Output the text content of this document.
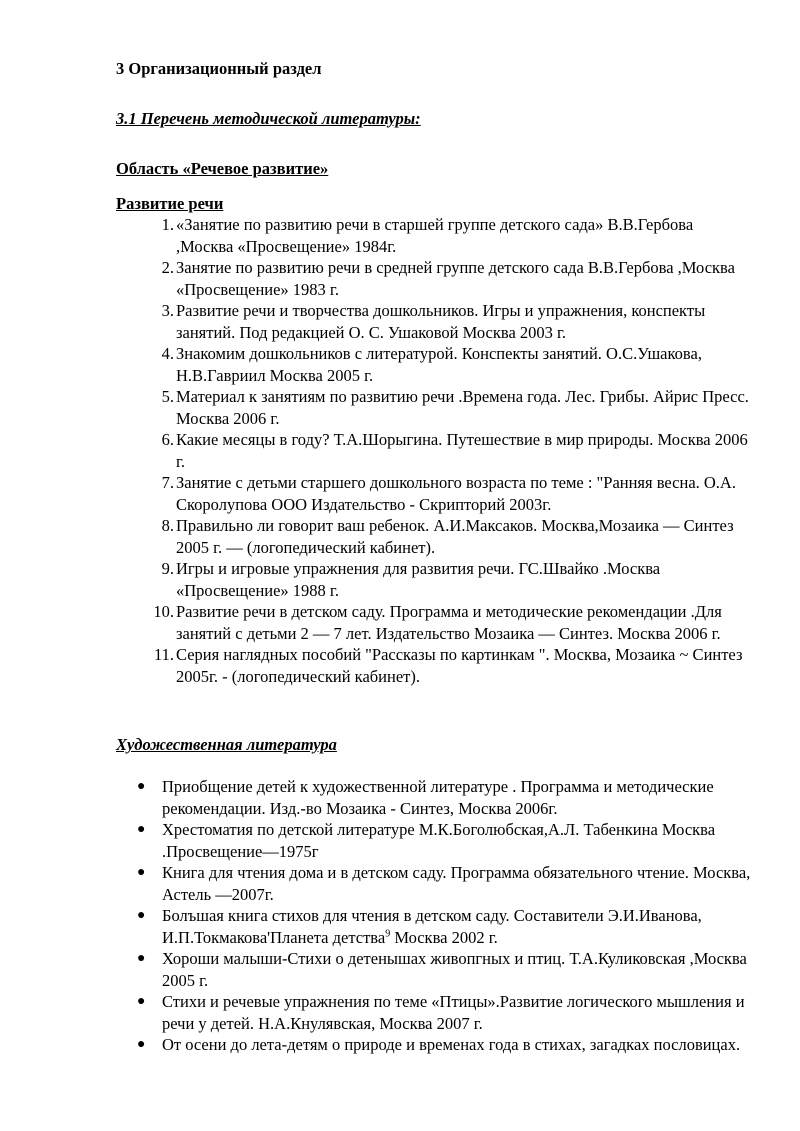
3 Организационный раздел
3.1 Перечень методической литературы:
Область «Речевое развитие»
Развитие речи
1. «Занятие по развитию речи в старшей группе детского сада» В.В.Гербова
,Москва «Просвещение» 1984г.
2. Занятие по развитию речи в средней группе детского сада В.В.Гербова ,Москва
«Просвещение» 1983 г.
3. Развитие речи и творчества дошкольников. Игры и упражнения, конспекты
занятий. Под редакцией О. С. Ушаковой Москва 2003 г.
4. Знакомим дошкольников с литературой. Конспекты занятий. О.С.Ушакова,
Н.В.Гавриил Москва 2005 г.
5. Материал к занятиям по развитию речи .Времена года. Лес. Грибы. Айрис Пресс.
Москва 2006 г.
6. Какие месяцы в году? Т.А.Шорыгина. Путешествие в мир природы. Москва 2006
г.
7. Занятие с детьми старшего дошкольного возраста по теме : "Ранняя весна. О.А.
Скоролупова ООО Издательство - Скрипторий 2003г.
8. Правильно ли говорит ваш ребенок. А.И.Максаков. Москва,Мозаика — Синтез
2005 г. — (логопедический кабинет).
9. Игры и игровые упражнения для развития речи. ГС.Швайко .Москва
«Просвещение» 1988 г.
10. Развитие речи в детском саду. Программа и методические рекомендации .Для
занятий с детьми 2 — 7 лет. Издательство Мозаика — Синтез. Москва 2006 г.
11. Серия наглядных пособий "Рассказы по картинкам ". Москва, Мозаика ~ Синтез
2005г. - (логопедический кабинет).
Художественная литература
● Приобщение детей к художественной литературе . Программа и методические
рекомендации. Изд.-во Мозаика - Синтез, Москва 2006г.
● Хрестоматия по детской литературе М.К.Боголюбская,А.Л. Табенкина Москва
.Просвещение—1975г
● Книга для чтения дома и в детском саду. Программа обязательного чтение. Москва,
Астель —2007г.
● Болъшая книга стихов для чтения в детском саду. Составители Э.И.Иванова,
И.П.Токмакова'Планета детства$^9$ Москва 2002 г.
● Хороши малыши-Стихи о детенышах живопгных и птиц. Т.А.Куликовская ,Москва
2005 г.
● Стихи и речевые упражнения по теме «Птицы».Развитие логического мышления и
речи у детей. Н.А.Кнулявская, Москва 2007 г.
● От осени до лета-детям о природе и временах года в стихах, загадках пословицах.
